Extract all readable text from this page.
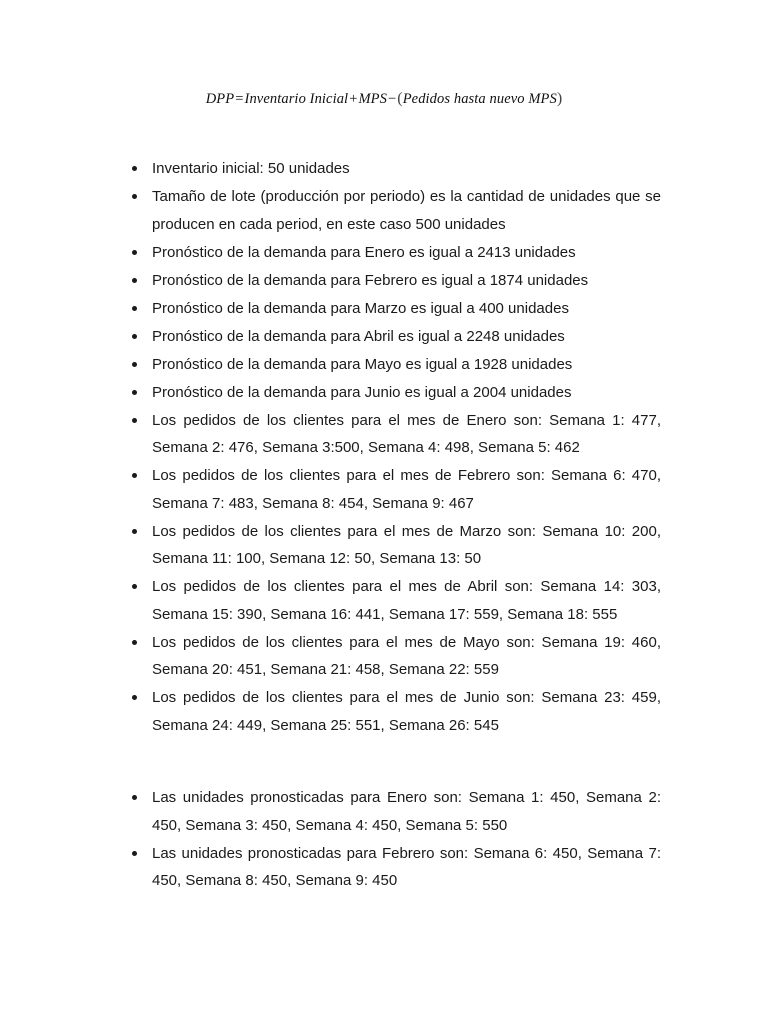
DPP=Inventario Inicial+MPS−(Pedidos hasta nuevo MPS)
Inventario inicial: 50 unidades
Tamaño de lote (producción por periodo) es la cantidad de unidades que se producen en cada period, en este caso 500 unidades
Pronóstico de la demanda para Enero es igual a 2413 unidades
Pronóstico de la demanda para Febrero es igual a 1874 unidades
Pronóstico de la demanda para Marzo es igual a 400 unidades
Pronóstico de la demanda para Abril es igual a 2248 unidades
Pronóstico de la demanda para Mayo es igual a 1928 unidades
Pronóstico de la demanda para Junio es igual a 2004 unidades
Los pedidos de los clientes para el mes de Enero son: Semana 1: 477, Semana 2: 476, Semana 3:500, Semana 4: 498, Semana 5: 462
Los pedidos de los clientes para el mes de Febrero son: Semana 6: 470, Semana 7: 483, Semana 8: 454, Semana 9: 467
Los pedidos de los clientes para el mes de Marzo son: Semana 10: 200, Semana 11: 100, Semana 12: 50, Semana 13: 50
Los pedidos de los clientes para el mes de Abril son: Semana 14: 303, Semana 15: 390, Semana 16: 441, Semana 17: 559, Semana 18: 555
Los pedidos de los clientes para el mes de Mayo son: Semana 19: 460, Semana 20: 451, Semana 21: 458, Semana 22: 559
Los pedidos de los clientes para el mes de Junio son: Semana 23: 459, Semana 24: 449, Semana 25: 551, Semana 26: 545
Las unidades pronosticadas para Enero son: Semana 1: 450, Semana 2: 450, Semana 3: 450, Semana 4: 450, Semana 5: 550
Las unidades pronosticadas para Febrero son: Semana 6: 450, Semana 7: 450, Semana 8: 450, Semana 9: 450
